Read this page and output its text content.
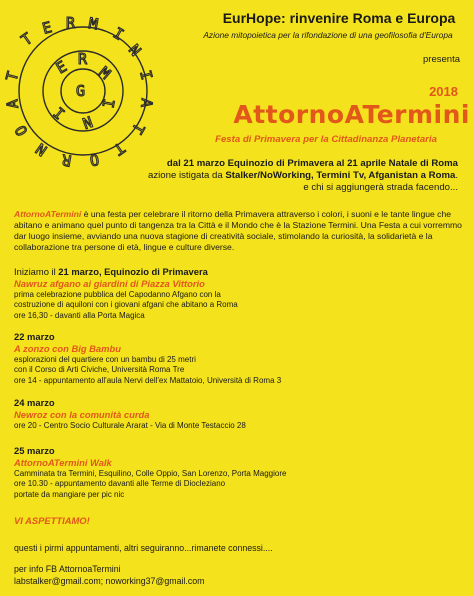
T
E R M
I
N
I
A
T
T
O
R
N
O
A
T E R
M
I
N
I
G
EurHope: rinvenire Roma e Europa
Azione mitopoietica per la rifondazione di una geofilosofia d'Europa
presenta
2018
AttornoATermini
Festa di Primavera per la Cittadinanza Planetaria
dal 21 marzo Equinozio di Primavera al 21 aprile Natale di Roma
azione istigata da Stalker/NoWorking, Termini Tv, Afganistan a Roma.
e chi si aggiungerà strada facendo...
AttornoATermini è una festa per celebrare il ritorno della Primavera attraverso i colori, i suoni e le tante lingue che abitano e animano quel punto di tangenza tra la Città e il Mondo che è la Stazione Termini. Una Festa a cui vorremmo dar luogo insieme, avviando una nuova stagione di creatività sociale, stimolando la curiosità, la solidarietà e la collaborazione tra persone di età, lingue e culture diverse.
Iniziamo il 21 marzo, Equinozio di Primavera
Nawruz afgano ai giardini di Piazza Vittorio

prima celebrazione pubblica del Capodanno Afgano con la

costruzione di aquiloni con i giovani afgani che abitano a Roma

ore 16,30 - davanti alla Porta Magica

22 marzo
A zonzo con Big Bambu

esplorazioni del quartiere con un bambu di 25 metri

con il Corso di Arti Civiche, Università Roma Tre

ore 14 - appuntamento all'aula Nervi dell'ex Mattatoio, Università di Roma 3

24 marzo
Newroz con la comunità curda

ore 20 - Centro Socio Culturale Ararat - Via di Monte Testaccio 28

25 marzo
AttornoATermini Walk

Camminata tra Termini, Esquilino, Colle Oppio, San Lorenzo, Porta Maggiore

ore 10.30 - appuntamento davanti alle Terme di Diocleziano

portate da mangiare per pic nic

VI ASPETTIAMO!
questi i pirmi appuntamenti, altri seguiranno...rimanete connessi....
per info FB AttornoaTermini
labstalker@gmail.com; noworking37@gmail.com
